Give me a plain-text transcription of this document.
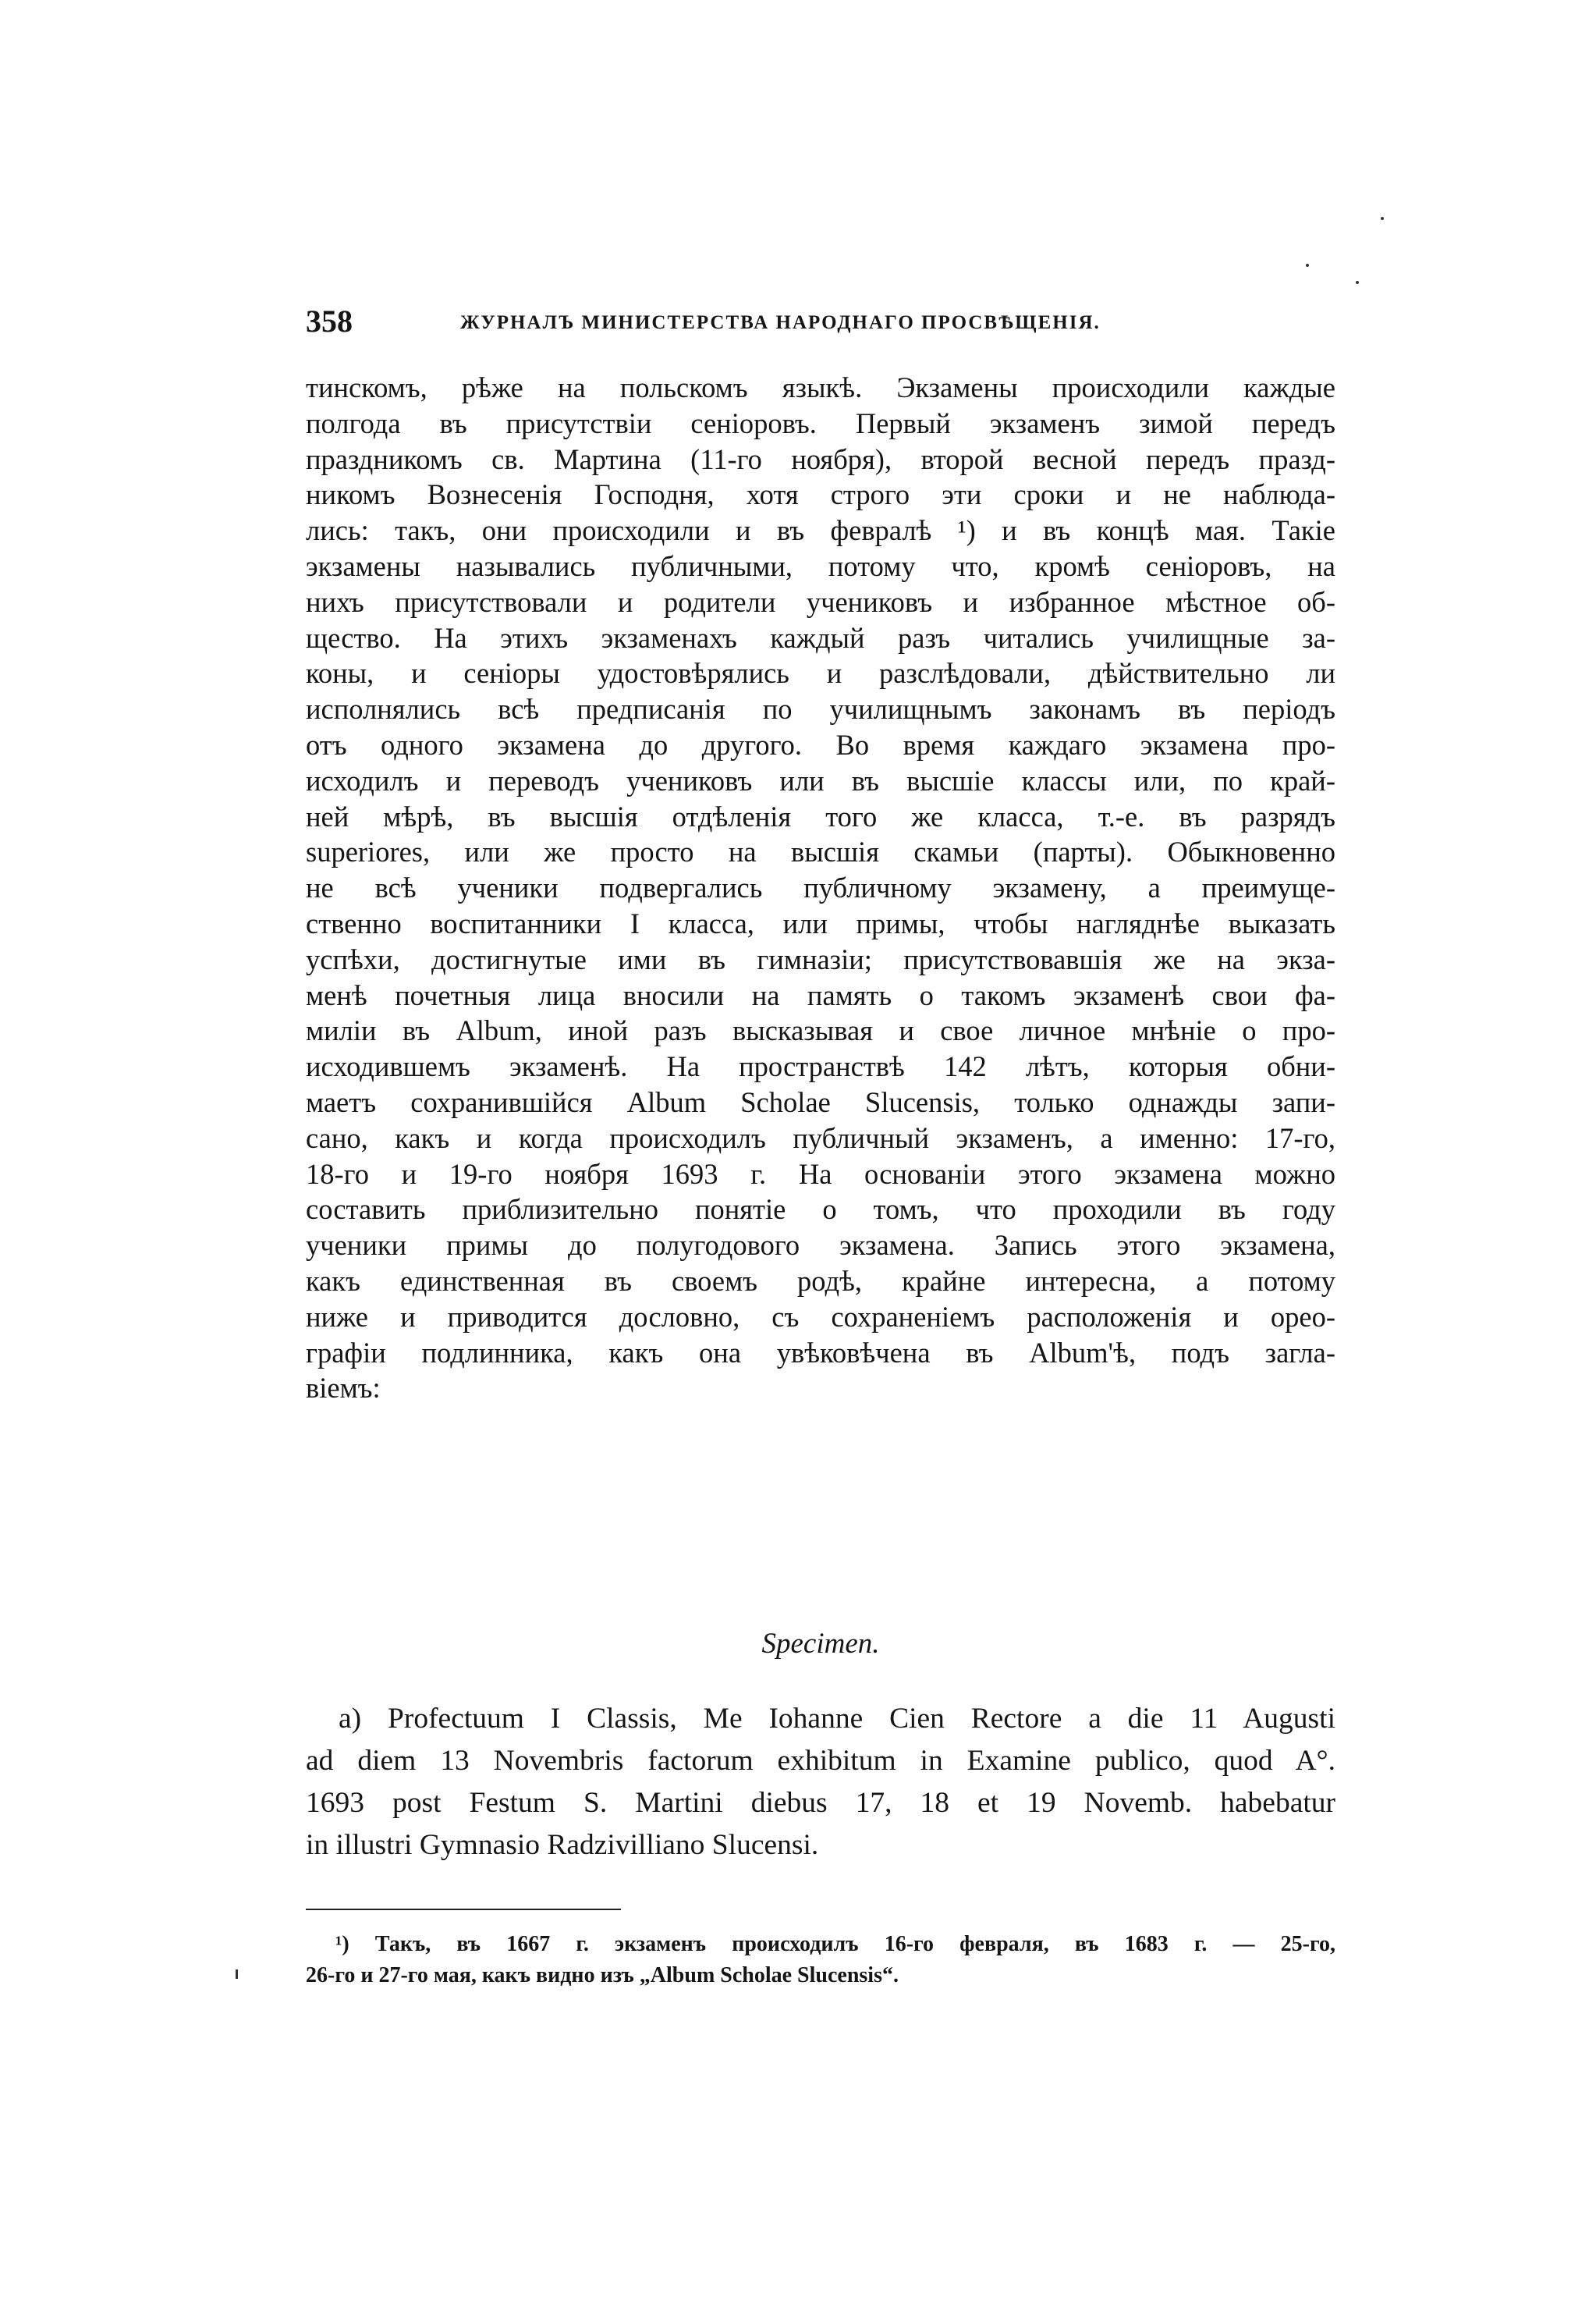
358	ЖУРНАЛЪ МИНИСТЕРСТВА НАРОДНАГО ПРОСВѢЩЕНІЯ.
тинскомъ, рѣже на польскомъ языкѣ. Экзамены происходили каждые
полгода въ присутствіи сеніоровъ. Первый экзаменъ зимой передъ
праздникомъ св. Мартина (11-го ноября), второй весной передъ празд-
никомъ Вознесенія Господня, хотя строго эти сроки и не наблюда-
лись: такъ, они происходили и въ февралѣ ¹) и въ концѣ мая. Такіе
экзамены назывались публичными, потому что, кромѣ сеніоровъ, на
нихъ присутствовали и родители учениковъ и избранное мѣстное об-
щество. На этихъ экзаменахъ каждый разъ читались училищные за-
коны, и сеніоры удостовѣрялись и разслѣдовали, дѣйствительно ли
исполнялись всѣ предписанія по училищнымъ законамъ въ періодъ
отъ одного экзамена до другого. Во время каждаго экзамена про-
исходилъ и переводъ учениковъ или въ высшіе классы или, по край-
ней мѣрѣ, въ высшія отдѣленія того же класса, т.-е. въ разрядъ
superiores, или же просто на высшія скамьи (парты). Обыкновенно
не всѣ ученики подвергались публичному экзамену, а преимуще-
ственно воспитанники I класса, или примы, чтобы нагляднѣе выказать
успѣхи, достигнутые ими въ гимназіи; присутствовавшія же на экза-
менѣ почетныя лица вносили на память о такомъ экзаменѣ свои фа-
миліи въ Album, иной разъ высказывая и свое личное мнѣніе о про-
исходившемъ экзаменѣ. На пространствѣ 142 лѣтъ, которыя обни-
маетъ сохранившійся Album Scholae Slucensis, только однажды запи-
сано, какъ и когда происходилъ публичный экзаменъ, а именно: 17-го,
18-го и 19-го ноября 1693 г. На основаніи этого экзамена можно
составить приблизительно понятіе о томъ, что проходили въ году
ученики примы до полугодового экзамена. Запись этого экзамена,
какъ единственная въ своемъ родѣ, крайне интересна, а потому
ниже и приводится дословно, съ сохраненіемъ расположенія и орео-
графіи подлинника, какъ она увѣковѣчена въ Album'ѣ, подъ загла-
віемъ:
Specimen.
a) Profectuum I Classis, Me Iohanne Cien Rectore a die 11 Augusti
ad diem 13 Novembris factorum exhibitum in Examine publico, quod A°.
1693 post Festum S. Martini diebus 17, 18 et 19 Novemb. habebatur
in illustri Gymnasio Radzivilliano Slucensi.
¹) Такъ, въ 1667 г. экзаменъ происходилъ 16-го февраля, въ 1683 г. — 25-го,
26-го и 27-го мая, какъ видно изъ „Album Scholae Slucensis“.
